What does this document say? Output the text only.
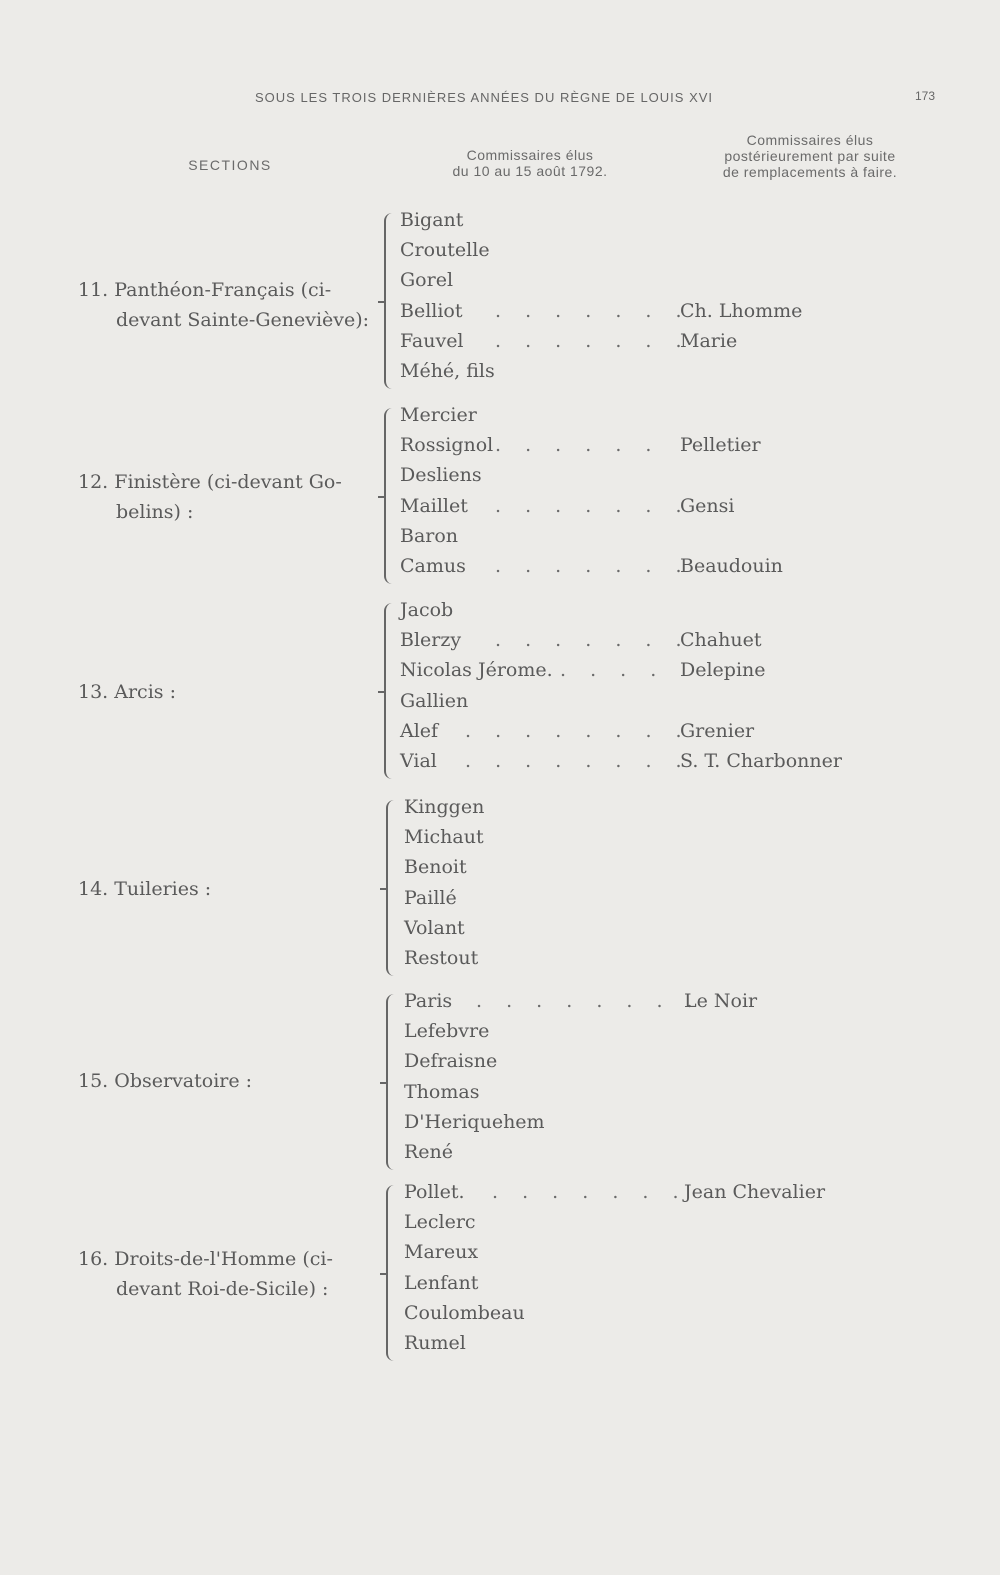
SOUS LES TROIS DERNIÈRES ANNÉES DU RÈGNE DE LOUIS XVI	173
SECTIONS
Commissaires élus
du 10 au 15 août 1792.
Commissaires élus
postérieurement par suite
de remplacements à faire.
11. Panthéon-Français (ci-
devant Sainte-Geneviève):
Bigant
Croutelle
Gorel
Belliot . . . . . . .
Ch. Lhomme
Fauvel . . . . . . .
Marie
Méhé, fils
12. Finistère (ci-devant Go-
belins) :
Mercier
Rossignol . . . . . . Pelletier
Desliens
Maillet . . . . . . .
Gensi
Baron
Camus . . . . . . .
Beaudouin
13. Arcis :
Jacob
Blerzy . . . . . . .
Chahuet
Nicolas Jérome. . . . . Delepine
Gallien
Alef . . . . . . . .
Grenier
Vial . . . . . . . .
S. T. Charbonner
14. Tuileries :
Kinggen
Michaut
Benoit
Paillé
Volant
Restout
15. Observatoire :
Paris . . . . . . . .
Le Noir
Lefebvre
Defraisne
Thomas
D'Heriquehem
René
16. Droits-de-l'Homme (ci-
devant Roi-de-Sicile) :
Pollet. . . . . . . .
Jean Chevalier
Leclerc
Mareux
Lenfant
Coulombeau
Rumel
